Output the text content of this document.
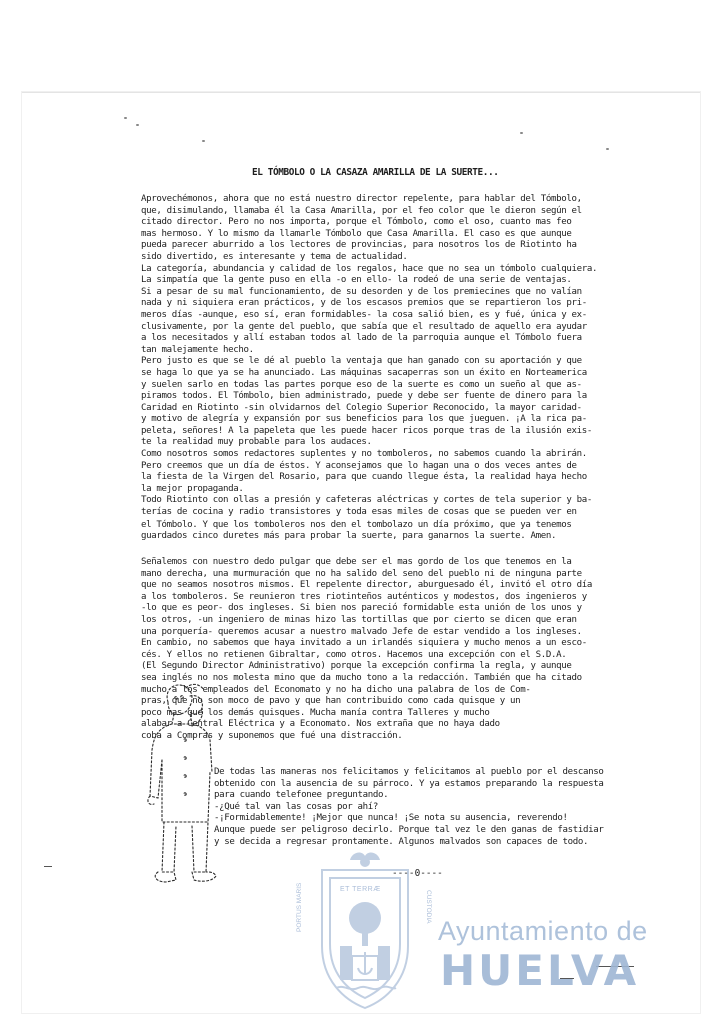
EL TÓMBOLO O LA CASAZA AMARILLA DE LA SUERTE...
Aprovechémonos, ahora que no está nuestro director repelente, para hablar del Tómbolo,
que, disimulando, llamaba él la Casa Amarilla, por el feo color que le dieron según el
citado director. Pero no nos importa, porque el Tómbolo, como el oso, cuanto mas feo
mas hermoso. Y lo mismo da llamarle Tómbolo que Casa Amarilla. El caso es que aunque
pueda parecer aburrido a los lectores de provincias, para nosotros los de Riotinto ha
sido divertido, es interesante y tema de actualidad.
La categoría, abundancia y calidad de los regalos, hace que no sea un tómbolo cualquiera.
La simpatía que la gente puso en ella -o en ello- la rodeó de una serie de ventajas.
Si a pesar de su mal funcionamiento, de su desorden y de los premiecines que no valían
nada y ni siquiera eran prácticos, y de los escasos premios que se repartieron los pri-
meros días -aunque, eso sí, eran formidables- la cosa salió bien, es y fué, única y ex-
clusivamente, por la gente del pueblo, que sabía que el resultado de aquello era ayudar
a los necesitados y allí estaban todos al lado de la parroquia aunque el Tómbolo fuera
tan malejamente hecho.
Pero justo es que se le dé al pueblo la ventaja que han ganado con su aportación y que
se haga lo que ya se ha anunciado. Las máquinas sacaperras son un éxito en Norteamerica
y suelen sarlo en todas las partes porque eso de la suerte es como un sueño al que as-
piramos todos. El Tómbolo, bien administrado, puede y debe ser fuente de dinero para la
Caridad en Riotinto -sin olvidarnos del Colegio Superior Reconocido, la mayor caridad-
y motivo de alegría y expansión por sus beneficios para los que jueguen. ¡A la rica pa-
peleta, señores! A la papeleta que les puede hacer ricos porque tras de la ilusión exis-
te la realidad muy probable para los audaces.
Como nosotros somos redactores suplentes y no tomboleros, no sabemos cuando la abrirán.
Pero creemos que un día de éstos. Y aconsejamos que lo hagan una o dos veces antes de
la fiesta de la Virgen del Rosario, para que cuando llegue ésta, la realidad haya hecho
la mejor propaganda.
Todo Riotinto con ollas a presión y cafeteras aléctricas y cortes de tela superior y ba-
terías de cocina y radio transistores y toda esas miles de cosas que se pueden ver en
el Tómbolo. Y que los tomboleros nos den el tombolazo un día próximo, que ya tenemos
guardados cinco duretes más para probar la suerte, para ganarnos la suerte. Amen.
Señalemos con nuestro dedo pulgar que debe ser el mas gordo de los que tenemos en la
mano derecha, una murmuración que no ha salido del seno del pueblo ni de ninguna parte
que no seamos nosotros mismos. El repelente director, aburguesado él, invitó el otro día
a los tomboleros. Se reunieron tres riotinteños auténticos y modestos, dos ingenieros y
-lo que es peor- dos ingleses. Si bien nos pareció formidable esta unión de los unos y
los otros, -un ingeniero de minas hizo las tortillas que por cierto se dicen que eran
una porquería- queremos acusar a nuestro malvado Jefe de estar vendido a los ingleses.
En cambio, no sabemos que haya invitado a un irlandés siquiera y mucho menos a un esco-
cés. Y ellos no retienen Gibraltar, como otros. Hacemos una excepción con el S.D.A.
(El Segundo Director Administrativo) porque la excepción confirma la regla, y aunque
sea inglés no nos molesta mino que da mucho tono a la redacción. También que ha citado
mucho a los empleados del Economato y no ha dicho una palabra de los de Com-
pras, que no son moco de pavo y que han contribuido como cada quisque y un
poco mas que los demás quisques. Mucha manía contra Talleres y mucho
alabar a Central Eléctrica y a Economato. Nos extraña que no haya dado
coba a Compras y suponemos que fué una distracción.
De todas las maneras nos felicitamos y felicitamos al pueblo por el descanso
obtenido con la ausencia de su párroco. Y ya estamos preparando la respuesta
para cuando telefonee preguntando.
-¿Qué tal van las cosas por ahí?
-¡Formidablemente! ¡Mejor que nunca! ¡Se nota su ausencia, reverendo!
Aunque puede ser peligroso decirlo. Porque tal vez le den ganas de fastidiar
y se decida a regresar prontamente. Algunos malvados son capaces de todo.
----0----
ET TERRÆ
PORTUS MARIS	CUSTODIA
Ayuntamiento de
HUELVA
